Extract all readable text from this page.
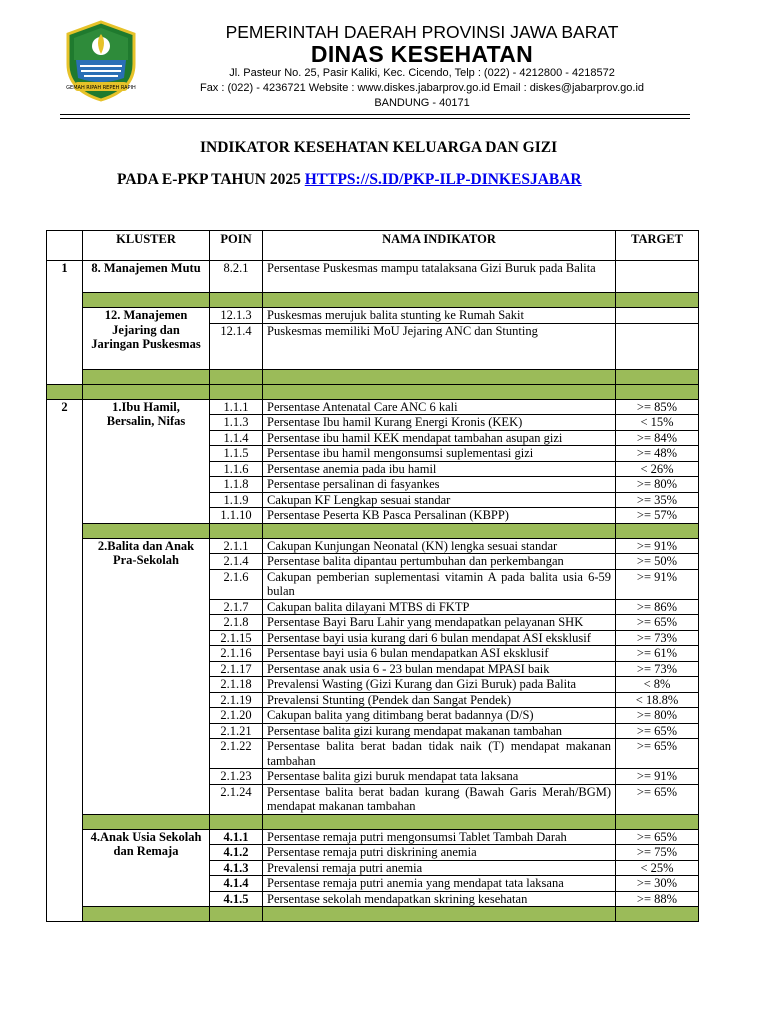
GEMAH RIPAH REPEH RAPIH
PEMERINTAH DAERAH PROVINSI JAWA BARAT
DINAS KESEHATAN
Jl. Pasteur No. 25, Pasir Kaliki, Kec. Cicendo, Telp : (022) - 4212800 - 4218572
Fax : (022) - 4236721 Website : www.diskes.jabarprov.go.id Email : diskes@jabarprov.go.id
BANDUNG - 40171
INDIKATOR KESEHATAN KELUARGA DAN GIZI
PADA E-PKP TAHUN 2025 HTTPS://S.ID/PKP-ILP-DINKESJABAR
	KLUSTER	POIN	NAMA INDIKATOR	TARGET
1	8. Manajemen Mutu	8.2.1	Persentase Puskesmas mampu tatalaksana Gizi Buruk pada Balita	

	12. Manajemen Jejaring dan Jaringan Puskesmas	12.1.3	Puskesmas merujuk balita stunting ke Rumah Sakit	
		12.1.4	Puskesmas memiliki MoU Jejaring ANC dan Stunting	

2	1.Ibu Hamil, Bersalin, Nifas	1.1.1	Persentase Antenatal Care ANC 6 kali	>= 85%
		1.1.3	Persentase Ibu hamil Kurang Energi Kronis (KEK)	< 15%
		1.1.4	Persentase ibu hamil KEK mendapat tambahan asupan gizi	>= 84%
		1.1.5	Persentase ibu hamil mengonsumsi suplementasi gizi	>= 48%
		1.1.6	Persentase anemia pada ibu hamil	< 26%
		1.1.8	Persentase persalinan di fasyankes	>= 80%
		1.1.9	Cakupan KF Lengkap sesuai standar	>= 35%
		1.1.10	Persentase Peserta KB Pasca Persalinan (KBPP)	>= 57%

	2.Balita dan Anak Pra-Sekolah	2.1.1	Cakupan Kunjungan Neonatal (KN) lengka sesuai standar	>= 91%
		2.1.4	Persentase balita dipantau pertumbuhan dan perkembangan	>= 50%
		2.1.6	Cakupan pemberian suplementasi vitamin A pada balita usia 6-59 bulan	>= 91%
		2.1.7	Cakupan balita dilayani MTBS di FKTP	>= 86%
		2.1.8	Persentase Bayi Baru Lahir yang mendapatkan pelayanan SHK	>= 65%
		2.1.15	Persentase bayi usia kurang dari 6 bulan mendapat ASI eksklusif	>= 73%
		2.1.16	Persentase bayi usia 6 bulan mendapatkan ASI eksklusif	>= 61%
		2.1.17	Persentase anak usia 6 - 23 bulan mendapat MPASI baik	>= 73%
		2.1.18	Prevalensi Wasting (Gizi Kurang dan Gizi Buruk) pada Balita	< 8%
		2.1.19	Prevalensi Stunting (Pendek dan Sangat Pendek)	< 18.8%
		2.1.20	Cakupan balita yang ditimbang berat badannya (D/S)	>= 80%
		2.1.21	Persentase balita gizi kurang mendapat makanan tambahan	>= 65%
		2.1.22	Persentase balita berat badan tidak naik (T) mendapat makanan tambahan	>= 65%
		2.1.23	Persentase balita gizi buruk mendapat tata laksana	>= 91%
		2.1.24	Persentase balita berat badan kurang (Bawah Garis Merah/BGM) mendapat makanan tambahan	>= 65%

	4.Anak Usia Sekolah dan Remaja	4.1.1	Persentase remaja putri mengonsumsi Tablet Tambah Darah	>= 65%
		4.1.2	Persentase remaja putri diskrining anemia	>= 75%
		4.1.3	Prevalensi remaja putri anemia	< 25%
		4.1.4	Persentase remaja putri anemia yang mendapat tata laksana	>= 30%
		4.1.5	Persentase sekolah mendapatkan skrining kesehatan	>= 88%
